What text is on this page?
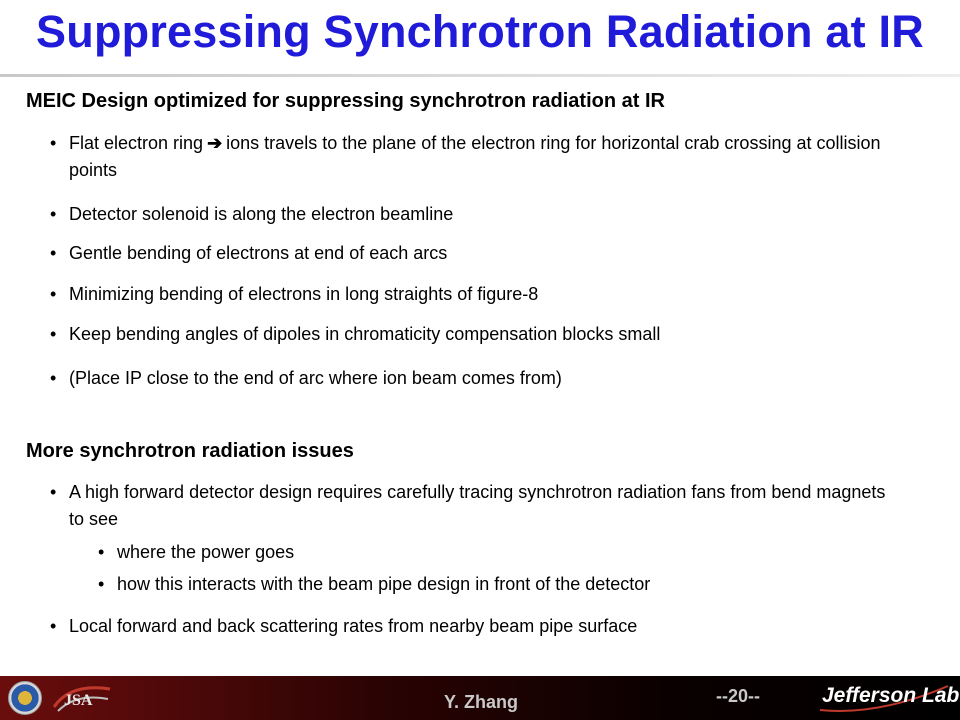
Suppressing Synchrotron Radiation at IR
MEIC Design optimized for suppressing synchrotron radiation at IR
• Flat electron ring ➔ ions travels to the plane of the electron ring for horizontal crab crossing at collision points
• Detector solenoid is along the electron beamline
• Gentle bending of electrons at end of each arcs
• Minimizing bending of electrons in long straights of figure-8
• Keep bending angles of dipoles in chromaticity compensation blocks small
• (Place IP close to the end of arc where ion beam comes from)
More synchrotron radiation issues
• A high forward detector design requires carefully tracing synchrotron radiation fans from bend magnets to see
• where the power goes
• how this interacts with the beam pipe design in front of the detector
• Local forward and back scattering rates from nearby beam pipe surface
JSA	Y. Zhang	--20--	Jefferson Lab
